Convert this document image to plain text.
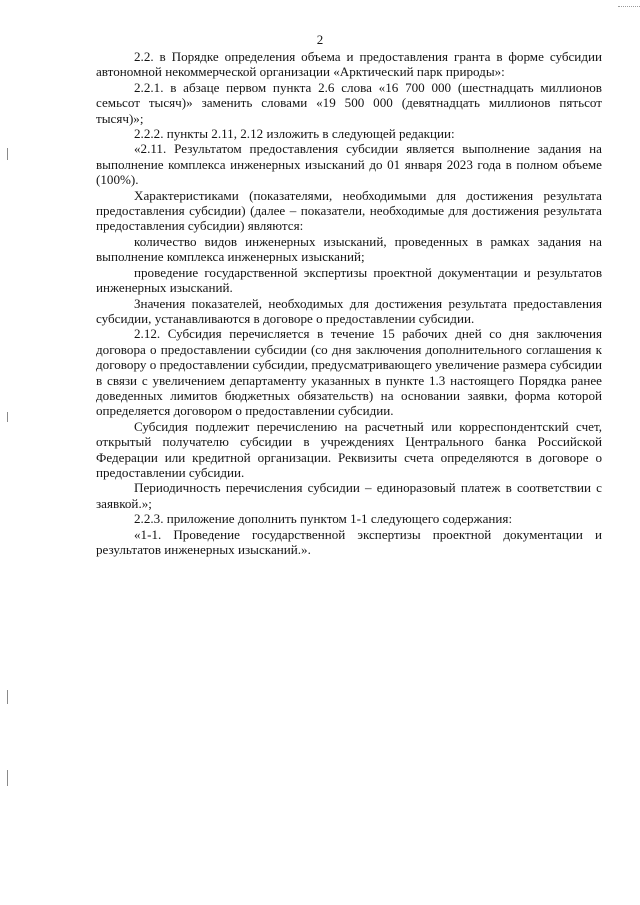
2

2.2. в Порядке определения объема и предоставления гранта в форме субсидии автономной некоммерческой организации «Арктический парк природы»:

2.2.1. в абзаце первом пункта 2.6 слова «16 700 000 (шестнадцать миллионов семьсот тысяч)» заменить словами «19 500 000 (девятнадцать миллионов пятьсот тысяч)»;

2.2.2. пункты 2.11, 2.12 изложить в следующей редакции:

«2.11. Результатом предоставления субсидии является выполнение задания на выполнение комплекса инженерных изысканий до 01 января 2023 года в полном объеме (100%).

Характеристиками (показателями, необходимыми для достижения результата предоставления субсидии) (далее – показатели, необходимые для достижения результата предоставления субсидии) являются:

количество видов инженерных изысканий, проведенных в рамках задания на выполнение комплекса инженерных изысканий;

проведение государственной экспертизы проектной документации и результатов инженерных изысканий.

Значения показателей, необходимых для достижения результата предоставления субсидии, устанавливаются в договоре о предоставлении субсидии.

2.12. Субсидия перечисляется в течение 15 рабочих дней со дня заключения договора о предоставлении субсидии (со дня заключения дополнительного соглашения к договору о предоставлении субсидии, предусматривающего увеличение размера субсидии в связи с увеличением департаменту указанных в пункте 1.3 настоящего Порядка ранее доведенных лимитов бюджетных обязательств) на основании заявки, форма которой определяется договором о предоставлении субсидии.

Субсидия подлежит перечислению на расчетный или корреспондентский счет, открытый получателю субсидии в учреждениях Центрального банка Российской Федерации или кредитной организации. Реквизиты счета определяются в договоре о предоставлении субсидии.

Периодичность перечисления субсидии – единоразовый платеж в соответствии с заявкой.»;

2.2.3. приложение дополнить пунктом 1-1 следующего содержания:

«1-1. Проведение государственной экспертизы проектной документации и результатов инженерных изысканий.».
